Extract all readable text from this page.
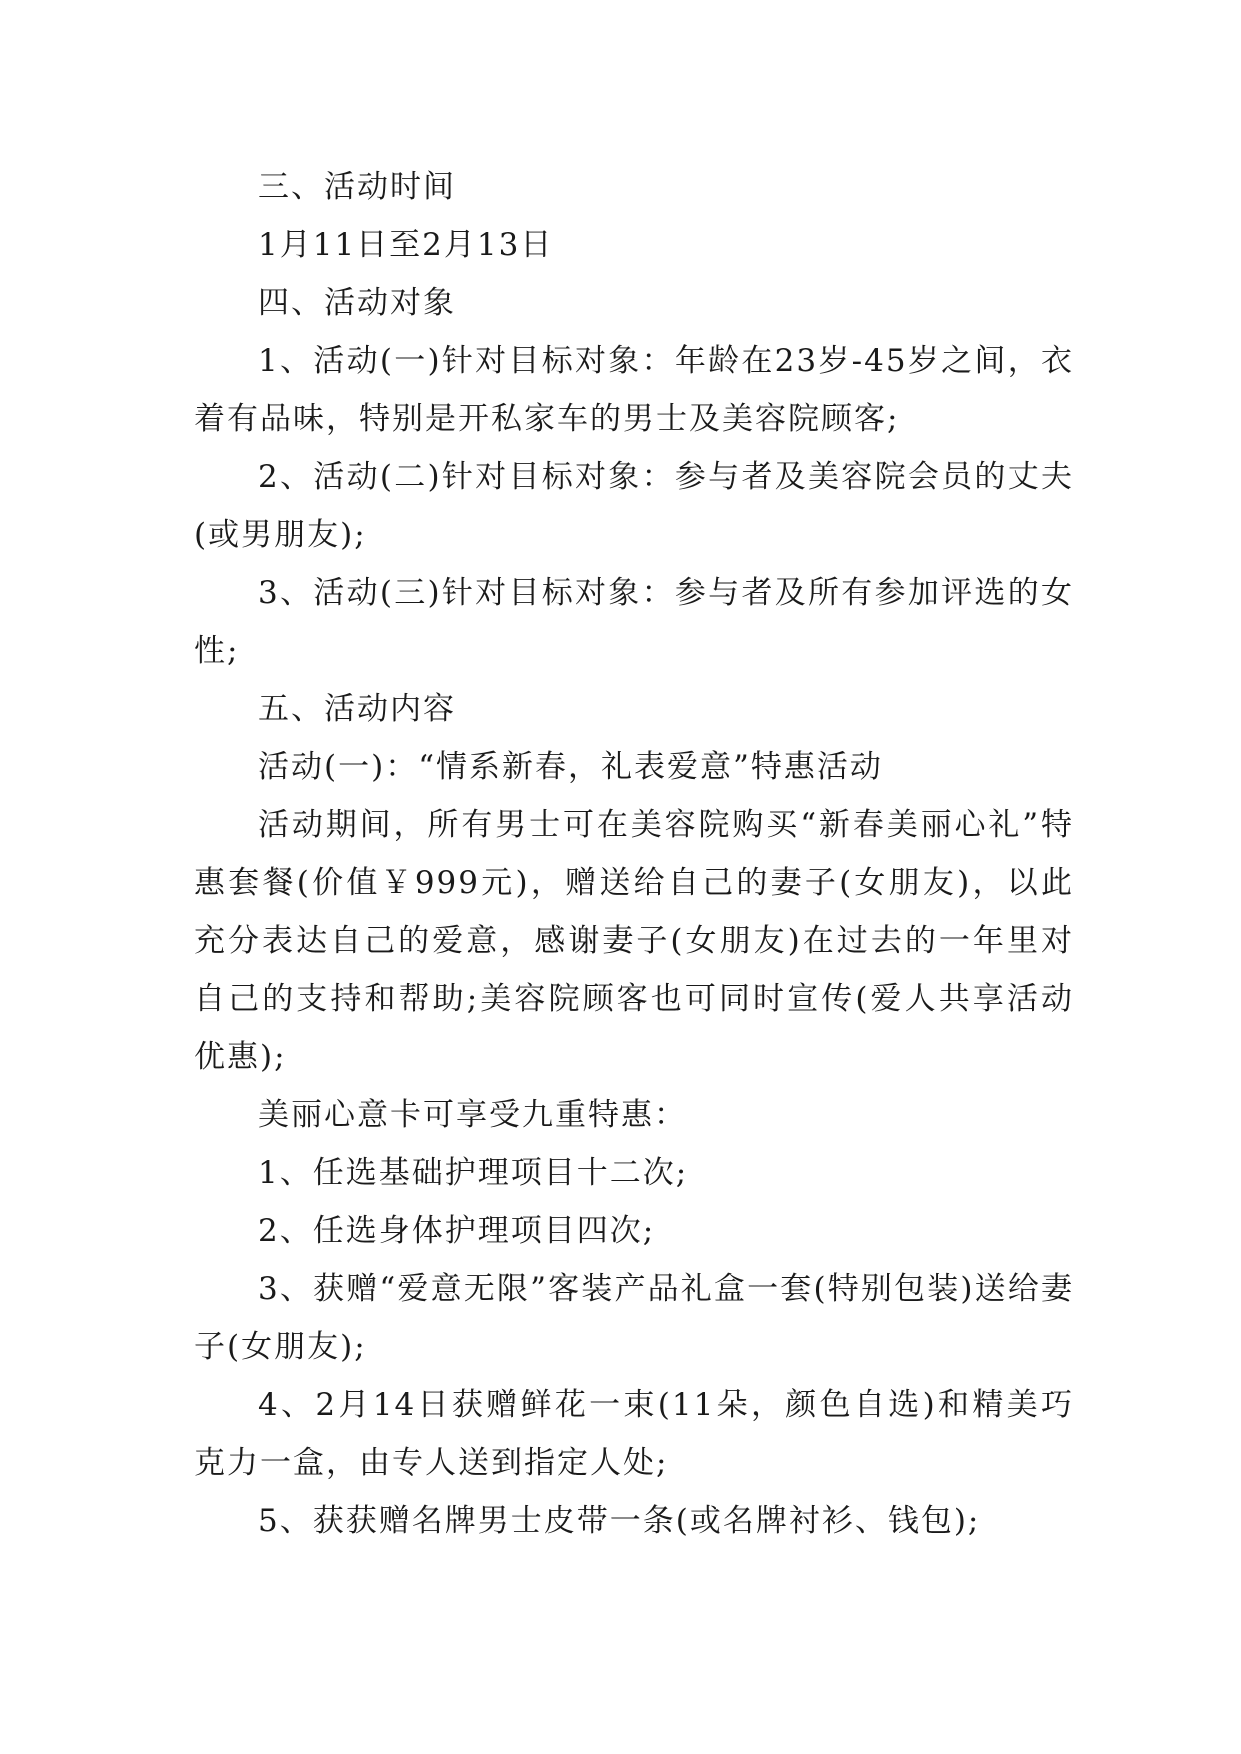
三、活动时间

1月11日至2月13日

四、活动对象

1、活动(一)针对目标对象：年龄在23岁-45岁之间，衣着有品味，特别是开私家车的男士及美容院顾客;

2、活动(二)针对目标对象：参与者及美容院会员的丈夫(或男朋友);

3、活动(三)针对目标对象：参与者及所有参加评选的女性;

五、活动内容

活动(一)：“情系新春，礼表爱意”特惠活动

活动期间，所有男士可在美容院购买“新春美丽心礼”特惠套餐(价值￥999元)，赠送给自己的妻子(女朋友)，以此充分表达自己的爱意，感谢妻子(女朋友)在过去的一年里对自己的支持和帮助;美容院顾客也可同时宣传(爱人共享活动优惠);

美丽心意卡可享受九重特惠：

1、任选基础护理项目十二次;

2、任选身体护理项目四次;

3、获赠“爱意无限”客装产品礼盒一套(特别包装)送给妻子(女朋友);

4、2月14日获赠鲜花一束(11朵，颜色自选)和精美巧克力一盒，由专人送到指定人处;

5、获获赠名牌男士皮带一条(或名牌衬衫、钱包);
